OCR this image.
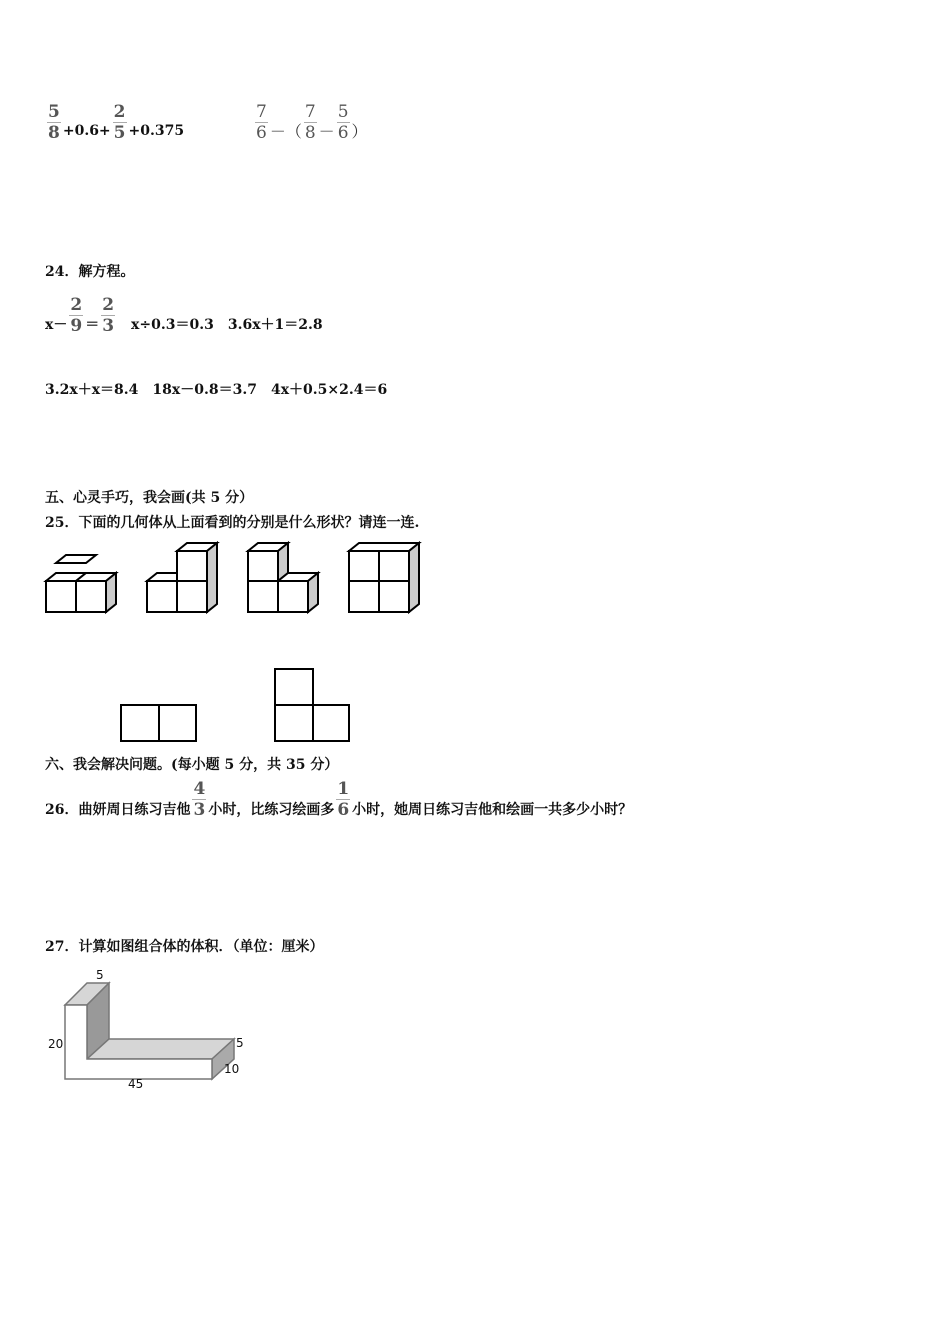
$\frac{5}{8} +0.6+ \frac{2}{5} +0.375$	$\frac{7}{6}$ －（ $\frac{7}{8} - \frac{5}{6}$ ）
24．解方程。
$x- \frac{2}{9} = \frac{2}{3} x\div 0.3=0.3$　3.6x＋1＝2.8
3.2x＋x＝8.4　18x－0.8＝3.7　4x＋0.5×2.4＝6
五、心灵手巧，我会画(共 5 分）
25．下面的几何体从上面看到的分别是什么形状？请连一连.
六、我会解决问题。(每小题 5 分，共 35 分）
26．曲妍周日练习吉他 $\frac{4}{3}$ 小时，比练习绘画多 $\frac{1}{6}$ 小时，她周日练习吉他和绘画一共多少小时？
27．计算如图组合体的体积．（单位：厘米）
5
20
45
5
10
